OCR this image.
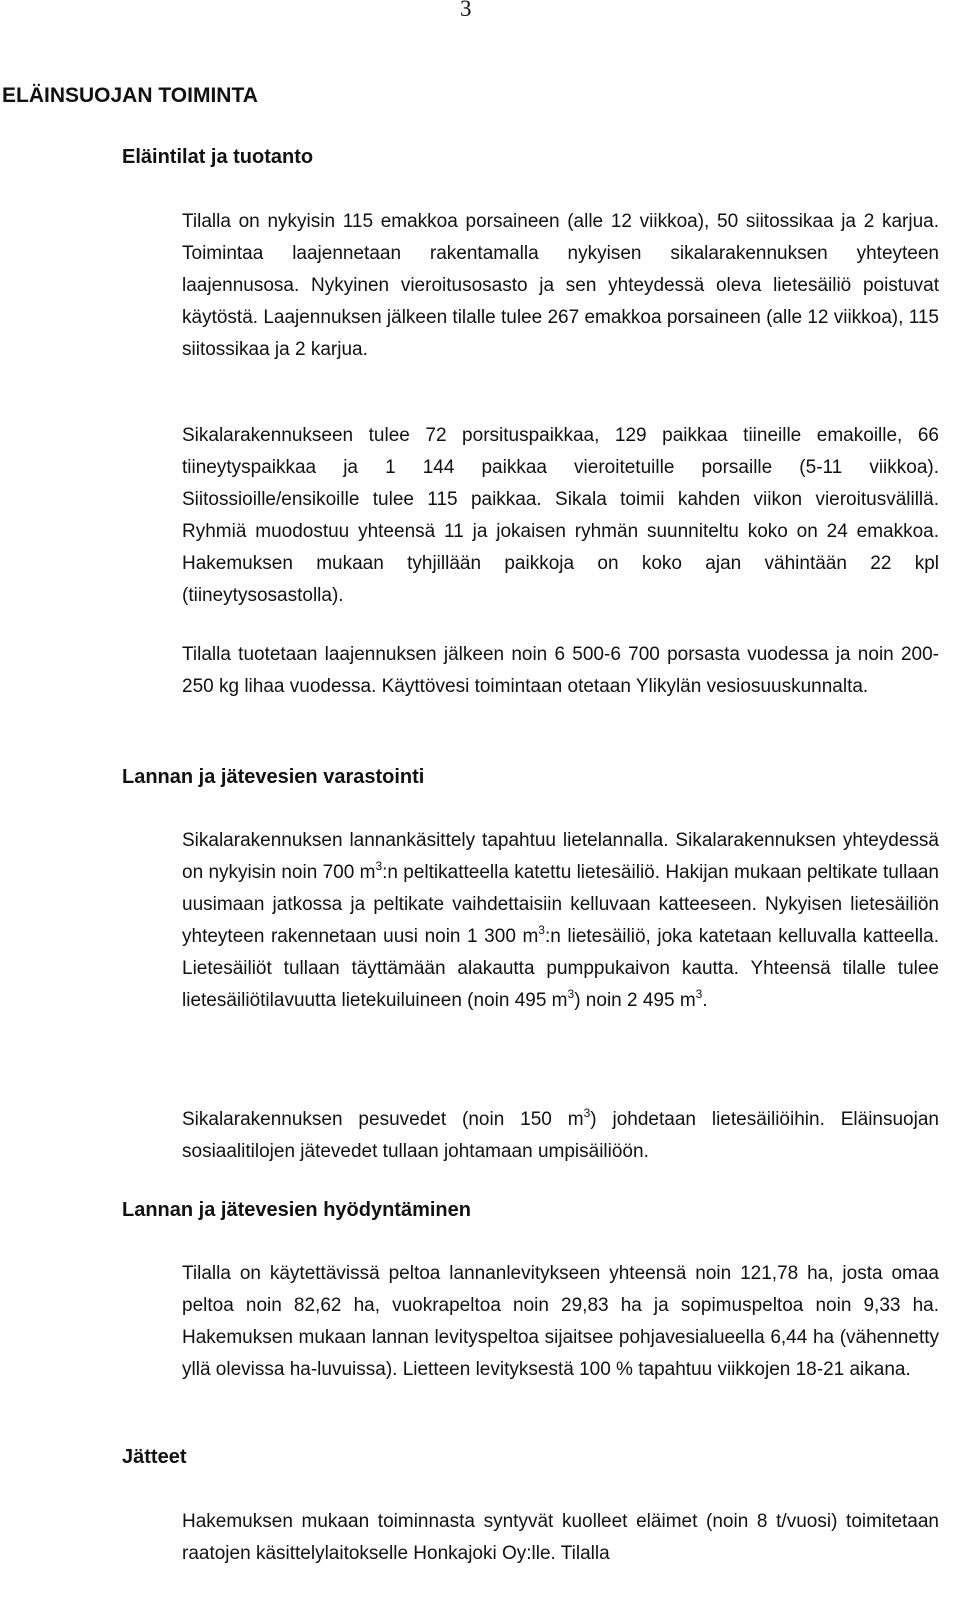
3
ELÄINSUOJAN TOIMINTA
Eläintilat ja tuotanto

Tilalla on nykyisin 115 emakkoa porsaineen (alle 12 viikkoa), 50 siitossikaa ja 2 karjua. Toimintaa laajennetaan rakentamalla nykyisen sikalarakennuksen yhteyteen laajennusosa. Nykyinen vieroitusosasto ja sen yhteydessä oleva lietesäiliö poistuvat käytöstä. Laajennuksen jälkeen tilalle tulee 267 emakkoa porsaineen (alle 12 viikkoa), 115 siitossikaa ja 2 karjua.

Sikalarakennukseen tulee 72 porsituspaikkaa, 129 paikkaa tiineille emakoille, 66 tiineytyspaikkaa ja 1 144 paikkaa vieroitetuille porsaille (5-11 viikkoa). Siitossioille/ensikoille tulee 115 paikkaa. Sikala toimii kahden viikon vieroitusvälillä. Ryhmiä muodostuu yhteensä 11 ja jokaisen ryhmän suunniteltu koko on 24 emakkoa. Hakemuksen mukaan tyhjillään paikkoja on koko ajan vähintään 22 kpl (tiineytysosastolla).

Tilalla tuotetaan laajennuksen jälkeen noin 6 500-6 700 porsasta vuodessa ja noin 200-250 kg lihaa vuodessa. Käyttövesi toimintaan otetaan Ylikylän vesiosuuskunnalta.

Lannan ja jätevesien varastointi

Sikalarakennuksen lannankäsittely tapahtuu lietelannalla. Sikalarakennuksen yhteydessä on nykyisin noin 700 $m^3:n$ peltikatteella katettu lietesäiliö. Hakijan mukaan peltikate tullaan uusimaan jatkossa ja peltikate vaihdettaisiin kelluvaan katteeseen. Nykyisen lietesäiliön yhteyteen rakennetaan uusi noin 1 300 $m^3:n$ lietesäiliö, joka katetaan kelluvalla katteella. Lietesäiliöt tullaan täyttämään alakautta pumppukaivon kautta. Yhteensä tilalle tulee lietesäiliötilavuutta lietekuiluineen (noin 495 $m^3$) noin 2 495 $m^3$.

Sikalarakennuksen pesuvedet (noin 150 $m^3$) johdetaan lietesäiliöihin. Eläinsuojan sosiaalitilojen jätevedet tullaan johtamaan umpisäiliöön.

Lannan ja jätevesien hyödyntäminen

Tilalla on käytettävissä peltoa lannanlevitykseen yhteensä noin 121,78 ha, josta omaa peltoa noin 82,62 ha, vuokrapeltoa noin 29,83 ha ja sopimuspeltoa noin 9,33 ha. Hakemuksen mukaan lannan levityspeltoa sijaitsee pohjavesialueella 6,44 ha (vähennetty yllä olevissa ha-luvuissa). Lietteen levityksestä 100 % tapahtuu viikkojen 18-21 aikana.

Jätteet

Hakemuksen mukaan toiminnasta syntyvät kuolleet eläimet (noin 8 t/vuosi) toimitetaan raatojen käsittelylaitokselle Honkajoki Oy:lle. Tilalla
